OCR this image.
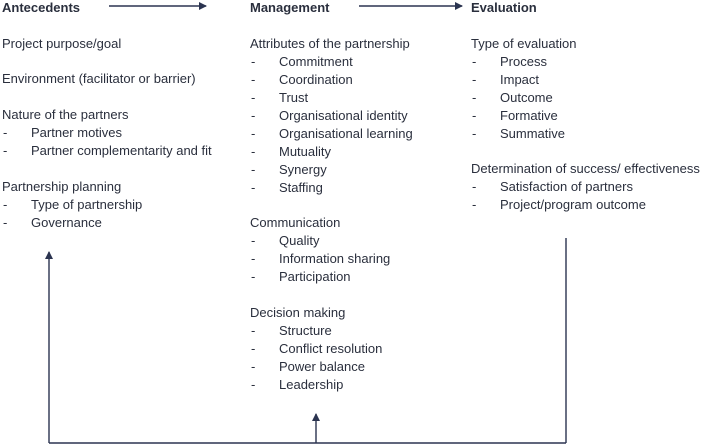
Antecedents
Project purpose/goal
Environment (facilitator or barrier)
Nature of the partners
- Partner motives
- Partner complementarity and fit
Partnership planning
- Type of partnership
- Governance
Management
Attributes of the partnership
- Commitment
- Coordination
- Trust
- Organisational identity
- Organisational learning
- Mutuality
- Synergy
- Staffing
Communication
- Quality
- Information sharing
- Participation
Decision making
- Structure
- Conflict resolution
- Power balance
- Leadership
Evaluation
Type of evaluation
- Process
- Impact
- Outcome
- Formative
- Summative
Determination of success/ effectiveness
- Satisfaction of partners
- Project/program outcome
